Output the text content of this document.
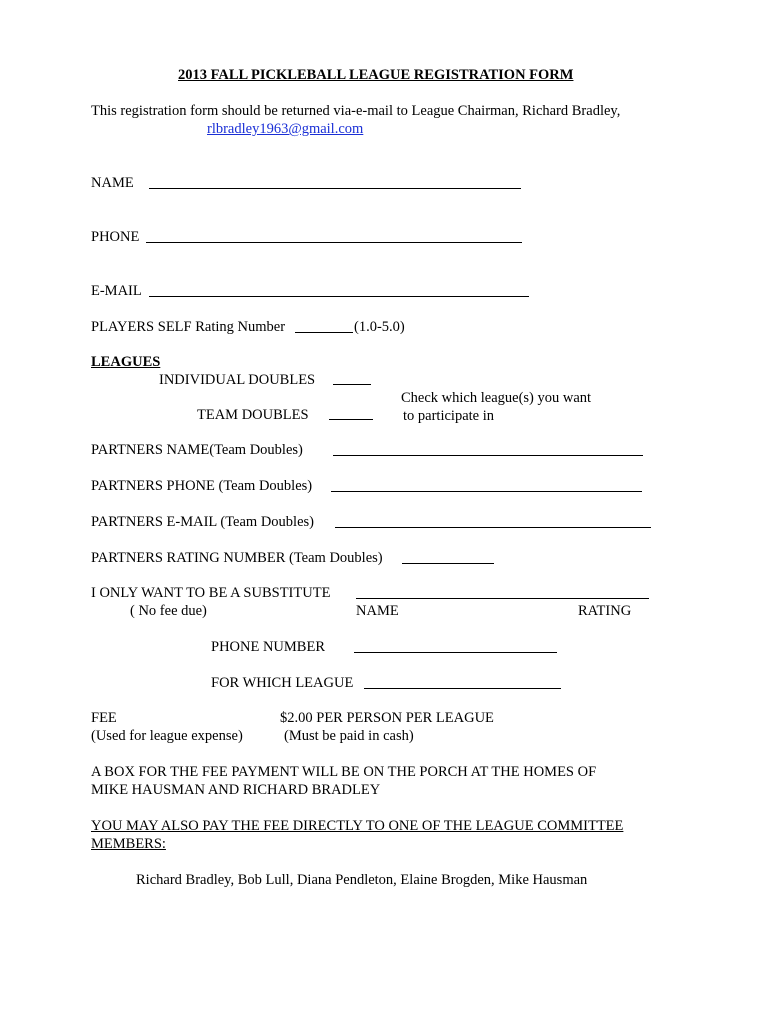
2013 FALL PICKLEBALL LEAGUE REGISTRATION FORM
This registration form should be returned via-e-mail to League Chairman, Richard Bradley,
rlbradley1963@gmail.com
NAME
PHONE
E-MAIL
PLAYERS SELF Rating Number	(1.0-5.0)
LEAGUES
INDIVIDUAL DOUBLES
Check which league(s) you want
TEAM DOUBLES	to participate in
PARTNERS NAME(Team Doubles)
PARTNERS PHONE (Team Doubles)
PARTNERS E-MAIL (Team Doubles)
PARTNERS RATING NUMBER (Team Doubles)
I ONLY WANT TO BE A SUBSTITUTE
( No fee due)	NAME	RATING
PHONE NUMBER
FOR WHICH LEAGUE
FEE	$2.00 PER PERSON PER LEAGUE
(Used for league expense)	(Must be paid in cash)
A BOX FOR THE FEE PAYMENT WILL BE ON THE PORCH AT THE HOMES OF
MIKE HAUSMAN AND RICHARD BRADLEY
YOU MAY ALSO PAY THE FEE DIRECTLY TO ONE OF THE LEAGUE COMMITTEE
MEMBERS:
Richard Bradley, Bob Lull, Diana Pendleton, Elaine Brogden, Mike Hausman
